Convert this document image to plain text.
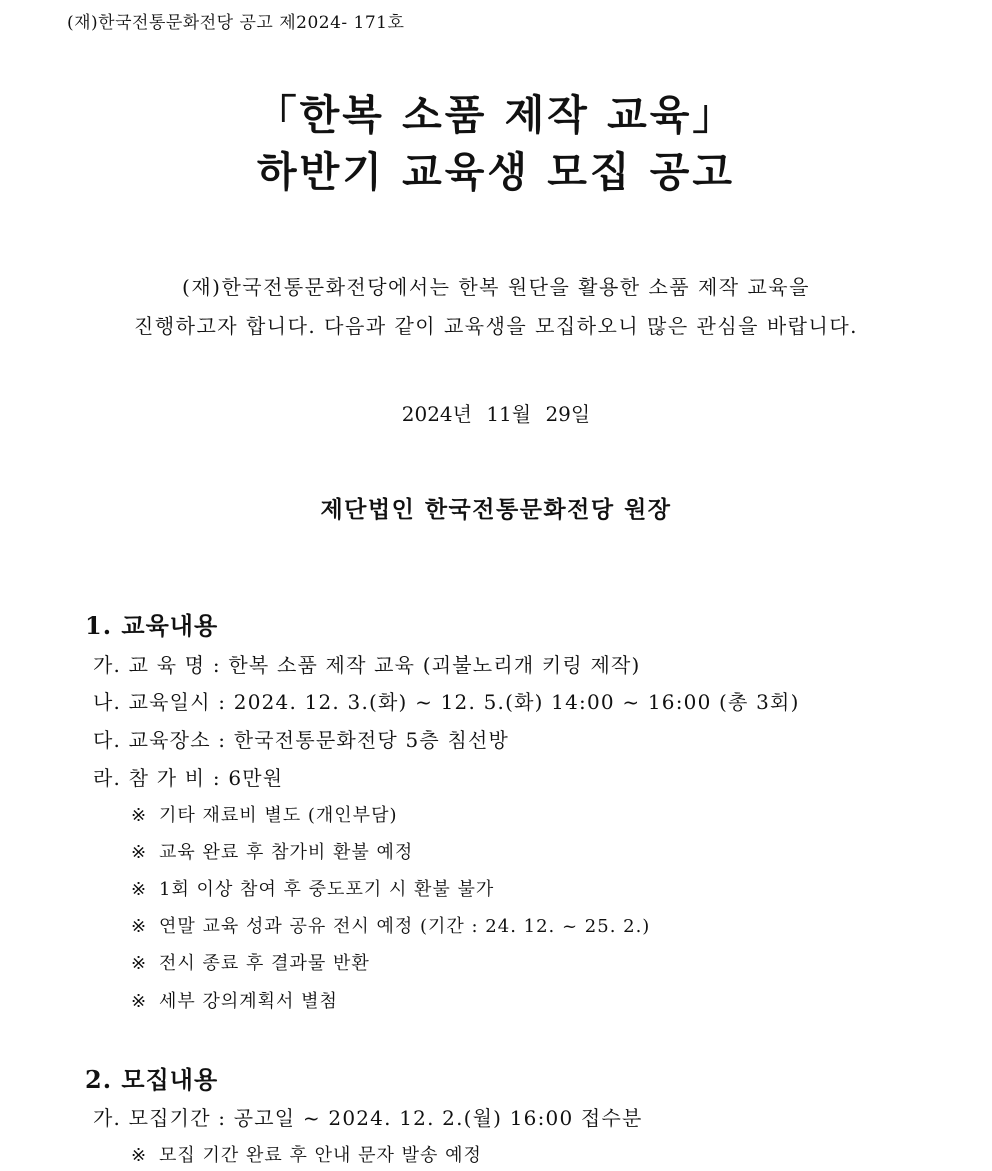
(재)한국전통문화전당 공고 제2024- 171호
「한복 소품 제작 교육」
하반기 교육생 모집 공고
(재)한국전통문화전당에서는 한복 원단을 활용한 소품 제작 교육을
진행하고자 합니다. 다음과 같이 교육생을 모집하오니 많은 관심을 바랍니다.
2024년 11월 29일
제단법인 한국전통문화전당 원장
1. 교육내용
가. 교 육 명 : 한복 소품 제작 교육 (괴불노리개 키링 제작)
나. 교육일시 : 2024. 12. 3.(화) ~ 12. 5.(화) 14:00 ~ 16:00 (총 3회)
다. 교육장소 : 한국전통문화전당 5층 침선방
라. 참 가 비 : 6만원
※ 기타 재료비 별도 (개인부담)
※ 교육 완료 후 참가비 환불 예정
※ 1회 이상 참여 후 중도포기 시 환불 불가
※ 연말 교육 성과 공유 전시 예정 (기간 : 24. 12. ~ 25. 2.)
※ 전시 종료 후 결과물 반환
※ 세부 강의계획서 별첨
2. 모집내용
가. 모집기간 : 공고일 ~ 2024. 12. 2.(월) 16:00 접수분
※ 모집 기간 완료 후 안내 문자 발송 예정
